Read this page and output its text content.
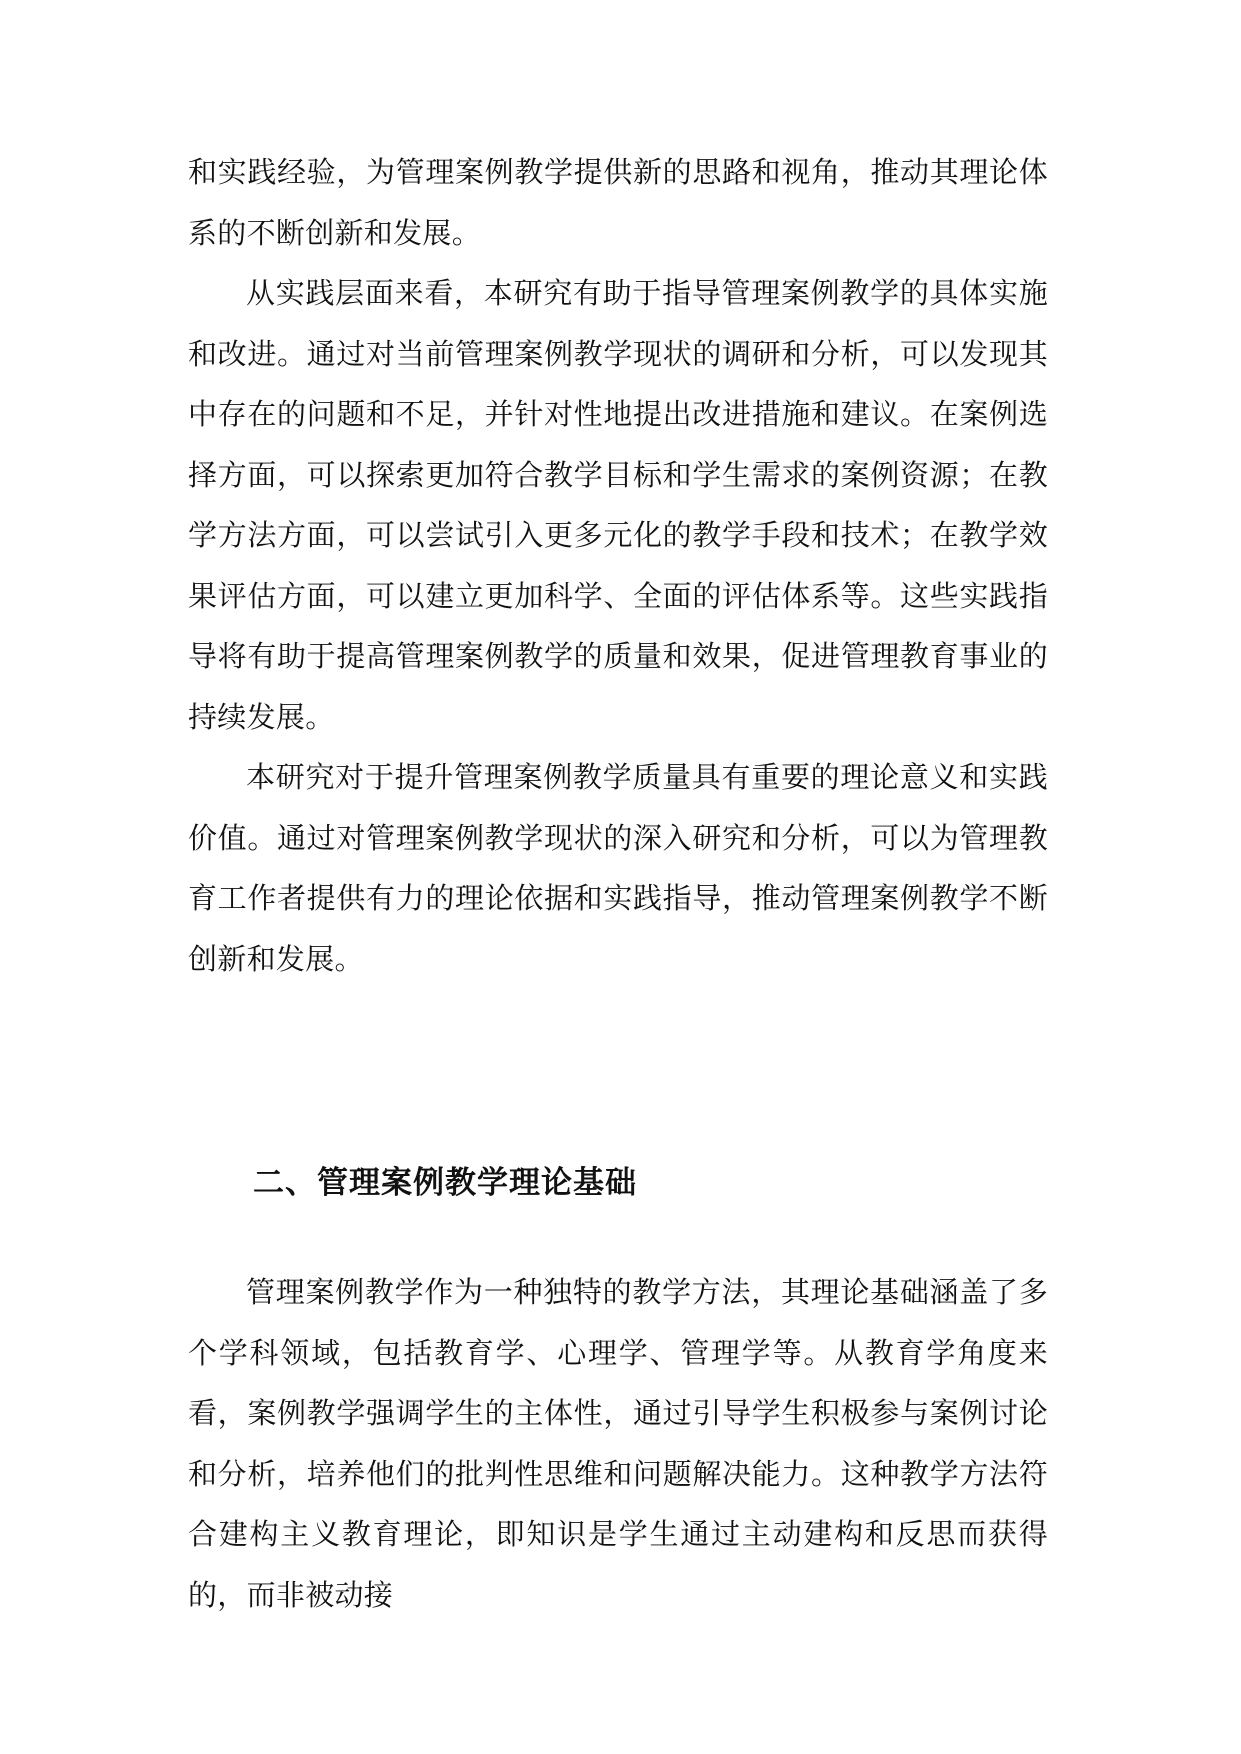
和实践经验，为管理案例教学提供新的思路和视角，推动其理论体系的不断创新和发展。

从实践层面来看，本研究有助于指导管理案例教学的具体实施和改进。通过对当前管理案例教学现状的调研和分析，可以发现其中存在的问题和不足，并针对性地提出改进措施和建议。在案例选择方面，可以探索更加符合教学目标和学生需求的案例资源；在教学方法方面，可以尝试引入更多元化的教学手段和技术；在教学效果评估方面，可以建立更加科学、全面的评估体系等。这些实践指导将有助于提高管理案例教学的质量和效果，促进管理教育事业的持续发展。

本研究对于提升管理案例教学质量具有重要的理论意义和实践价值。通过对管理案例教学现状的深入研究和分析，可以为管理教育工作者提供有力的理论依据和实践指导，推动管理案例教学不断创新和发展。

二、管理案例教学理论基础

管理案例教学作为一种独特的教学方法，其理论基础涵盖了多个学科领域，包括教育学、心理学、管理学等。从教育学角度来看，案例教学强调学生的主体性，通过引导学生积极参与案例讨论和分析，培养他们的批判性思维和问题解决能力。这种教学方法符合建构主义教育理论，即知识是学生通过主动建构和反思而获得的，而非被动接
